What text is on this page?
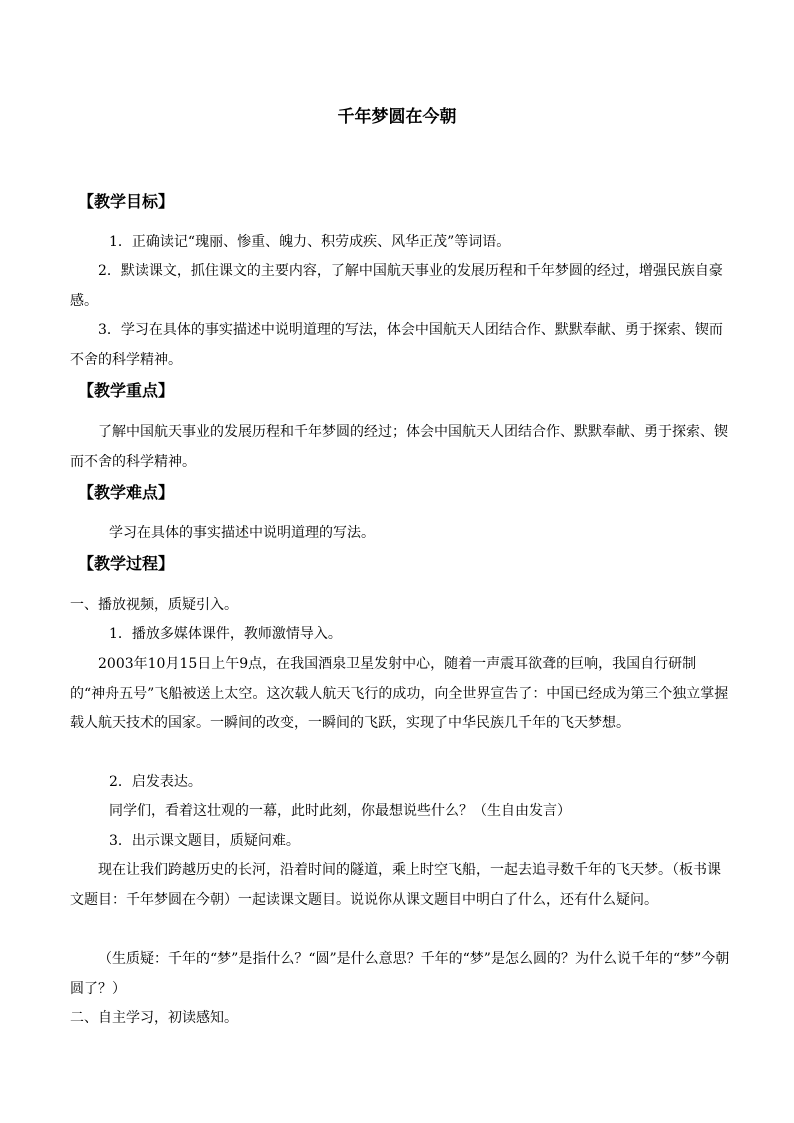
千年梦圆在今朝
【教学目标】
1．正确读记“瑰丽、惨重、魄力、积劳成疾、风华正茂”等词语。
2．默读课文，抓住课文的主要内容，了解中国航天事业的发展历程和千年梦圆的经过，增强民族自豪感。
3．学习在具体的事实描述中说明道理的写法，体会中国航天人团结合作、默默奉献、勇于探索、锲而不舍的科学精神。
【教学重点】
了解中国航天事业的发展历程和千年梦圆的经过；体会中国航天人团结合作、默默奉献、勇于探索、锲而不舍的科学精神。
【教学难点】
学习在具体的事实描述中说明道理的写法。
【教学过程】
一、播放视频，质疑引入。
1．播放多媒体课件，教师激情导入。
2003年10月15日上午9点，在我国酒泉卫星发射中心，随着一声震耳欲聋的巨响，我国自行研制的“神舟五号”飞船被送上太空。这次载人航天飞行的成功，向全世界宣告了：中国已经成为第三个独立掌握载人航天技术的国家。一瞬间的改变，一瞬间的飞跃，实现了中华民族几千年的飞天梦想。
2．启发表达。
同学们，看着这壮观的一幕，此时此刻，你最想说些什么？（生自由发言）
3．出示课文题目，质疑问难。
现在让我们跨越历史的长河，沿着时间的隧道，乘上时空飞船，一起去追寻数千年的飞天梦。（板书课文题目：千年梦圆在今朝）一起读课文题目。说说你从课文题目中明白了什么，还有什么疑问。
（生质疑：千年的“梦”是指什么？“圆”是什么意思？千年的“梦”是怎么圆的？为什么说千年的“梦”今朝圆了？）
二、自主学习，初读感知。
